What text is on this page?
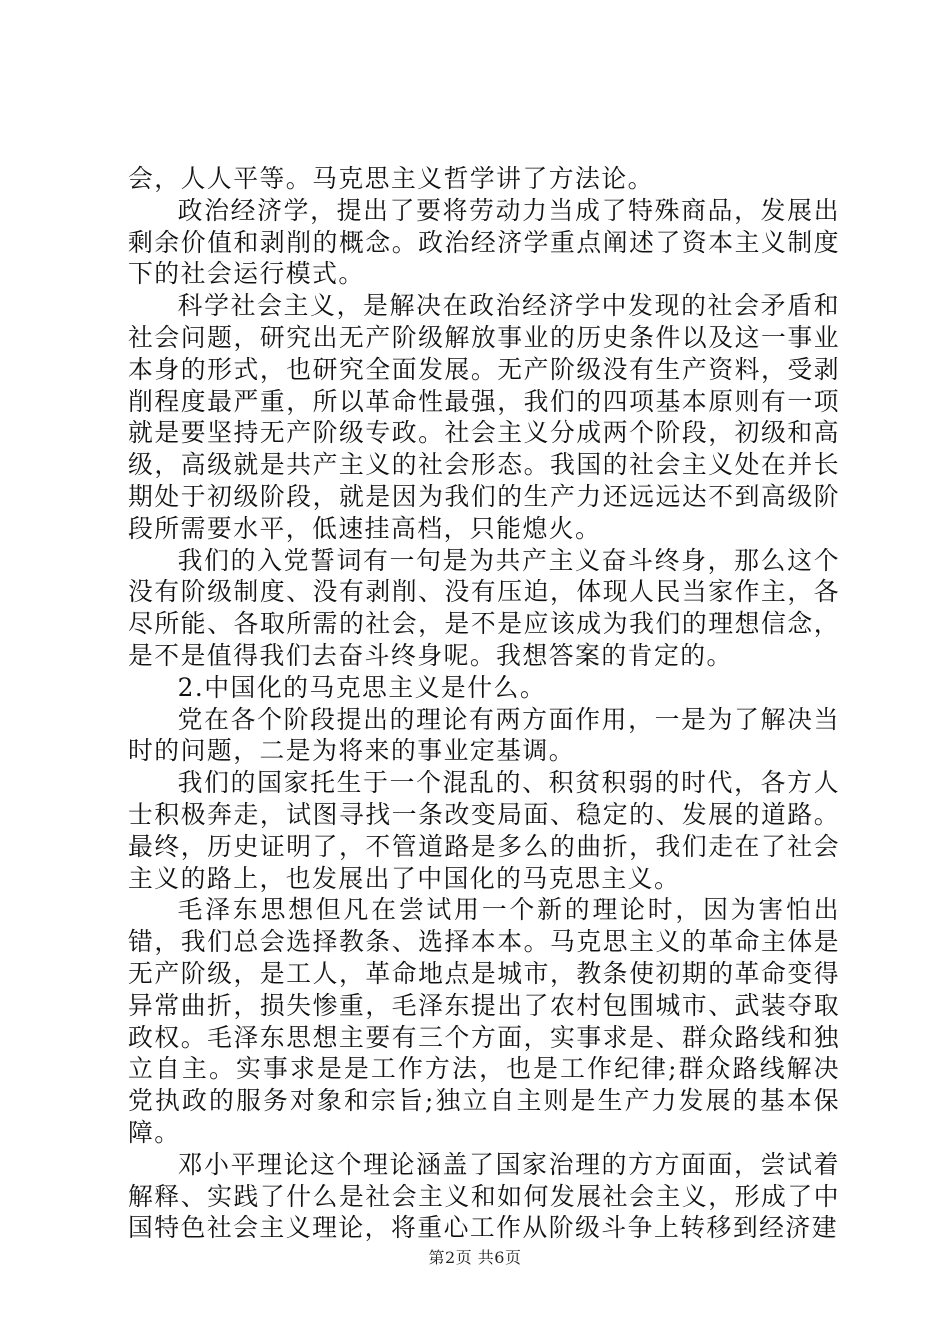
会，人人平等。马克思主义哲学讲了方法论。

政治经济学，提出了要将劳动力当成了特殊商品，发展出剩余价值和剥削的概念。政治经济学重点阐述了资本主义制度下的社会运行模式。

科学社会主义，是解决在政治经济学中发现的社会矛盾和社会问题，研究出无产阶级解放事业的历史条件以及这一事业本身的形式，也研究全面发展。无产阶级没有生产资料，受剥削程度最严重，所以革命性最强，我们的四项基本原则有一项就是要坚持无产阶级专政。社会主义分成两个阶段，初级和高级，高级就是共产主义的社会形态。我国的社会主义处在并长期处于初级阶段，就是因为我们的生产力还远远达不到高级阶段所需要水平，低速挂高档，只能熄火。

我们的入党誓词有一句是为共产主义奋斗终身，那么这个没有阶级制度、没有剥削、没有压迫，体现人民当家作主，各尽所能、各取所需的社会，是不是应该成为我们的理想信念，是不是值得我们去奋斗终身呢。我想答案的肯定的。

2.中国化的马克思主义是什么。

党在各个阶段提出的理论有两方面作用，一是为了解决当时的问题，二是为将来的事业定基调。

我们的国家托生于一个混乱的、积贫积弱的时代，各方人士积极奔走，试图寻找一条改变局面、稳定的、发展的道路。最终，历史证明了，不管道路是多么的曲折，我们走在了社会主义的路上，也发展出了中国化的马克思主义。

毛泽东思想但凡在尝试用一个新的理论时，因为害怕出错，我们总会选择教条、选择本本。马克思主义的革命主体是无产阶级，是工人，革命地点是城市，教条使初期的革命变得异常曲折，损失惨重，毛泽东提出了农村包围城市、武装夺取政权。毛泽东思想主要有三个方面，实事求是、群众路线和独立自主。实事求是是工作方法，也是工作纪律;群众路线解决党执政的服务对象和宗旨;独立自主则是生产力发展的基本保障。

邓小平理论这个理论涵盖了国家治理的方方面面，尝试着解释、实践了什么是社会主义和如何发展社会主义，形成了中国特色社会主义理论，将重心工作从阶级斗争上转移到经济建

第2页 共6页
